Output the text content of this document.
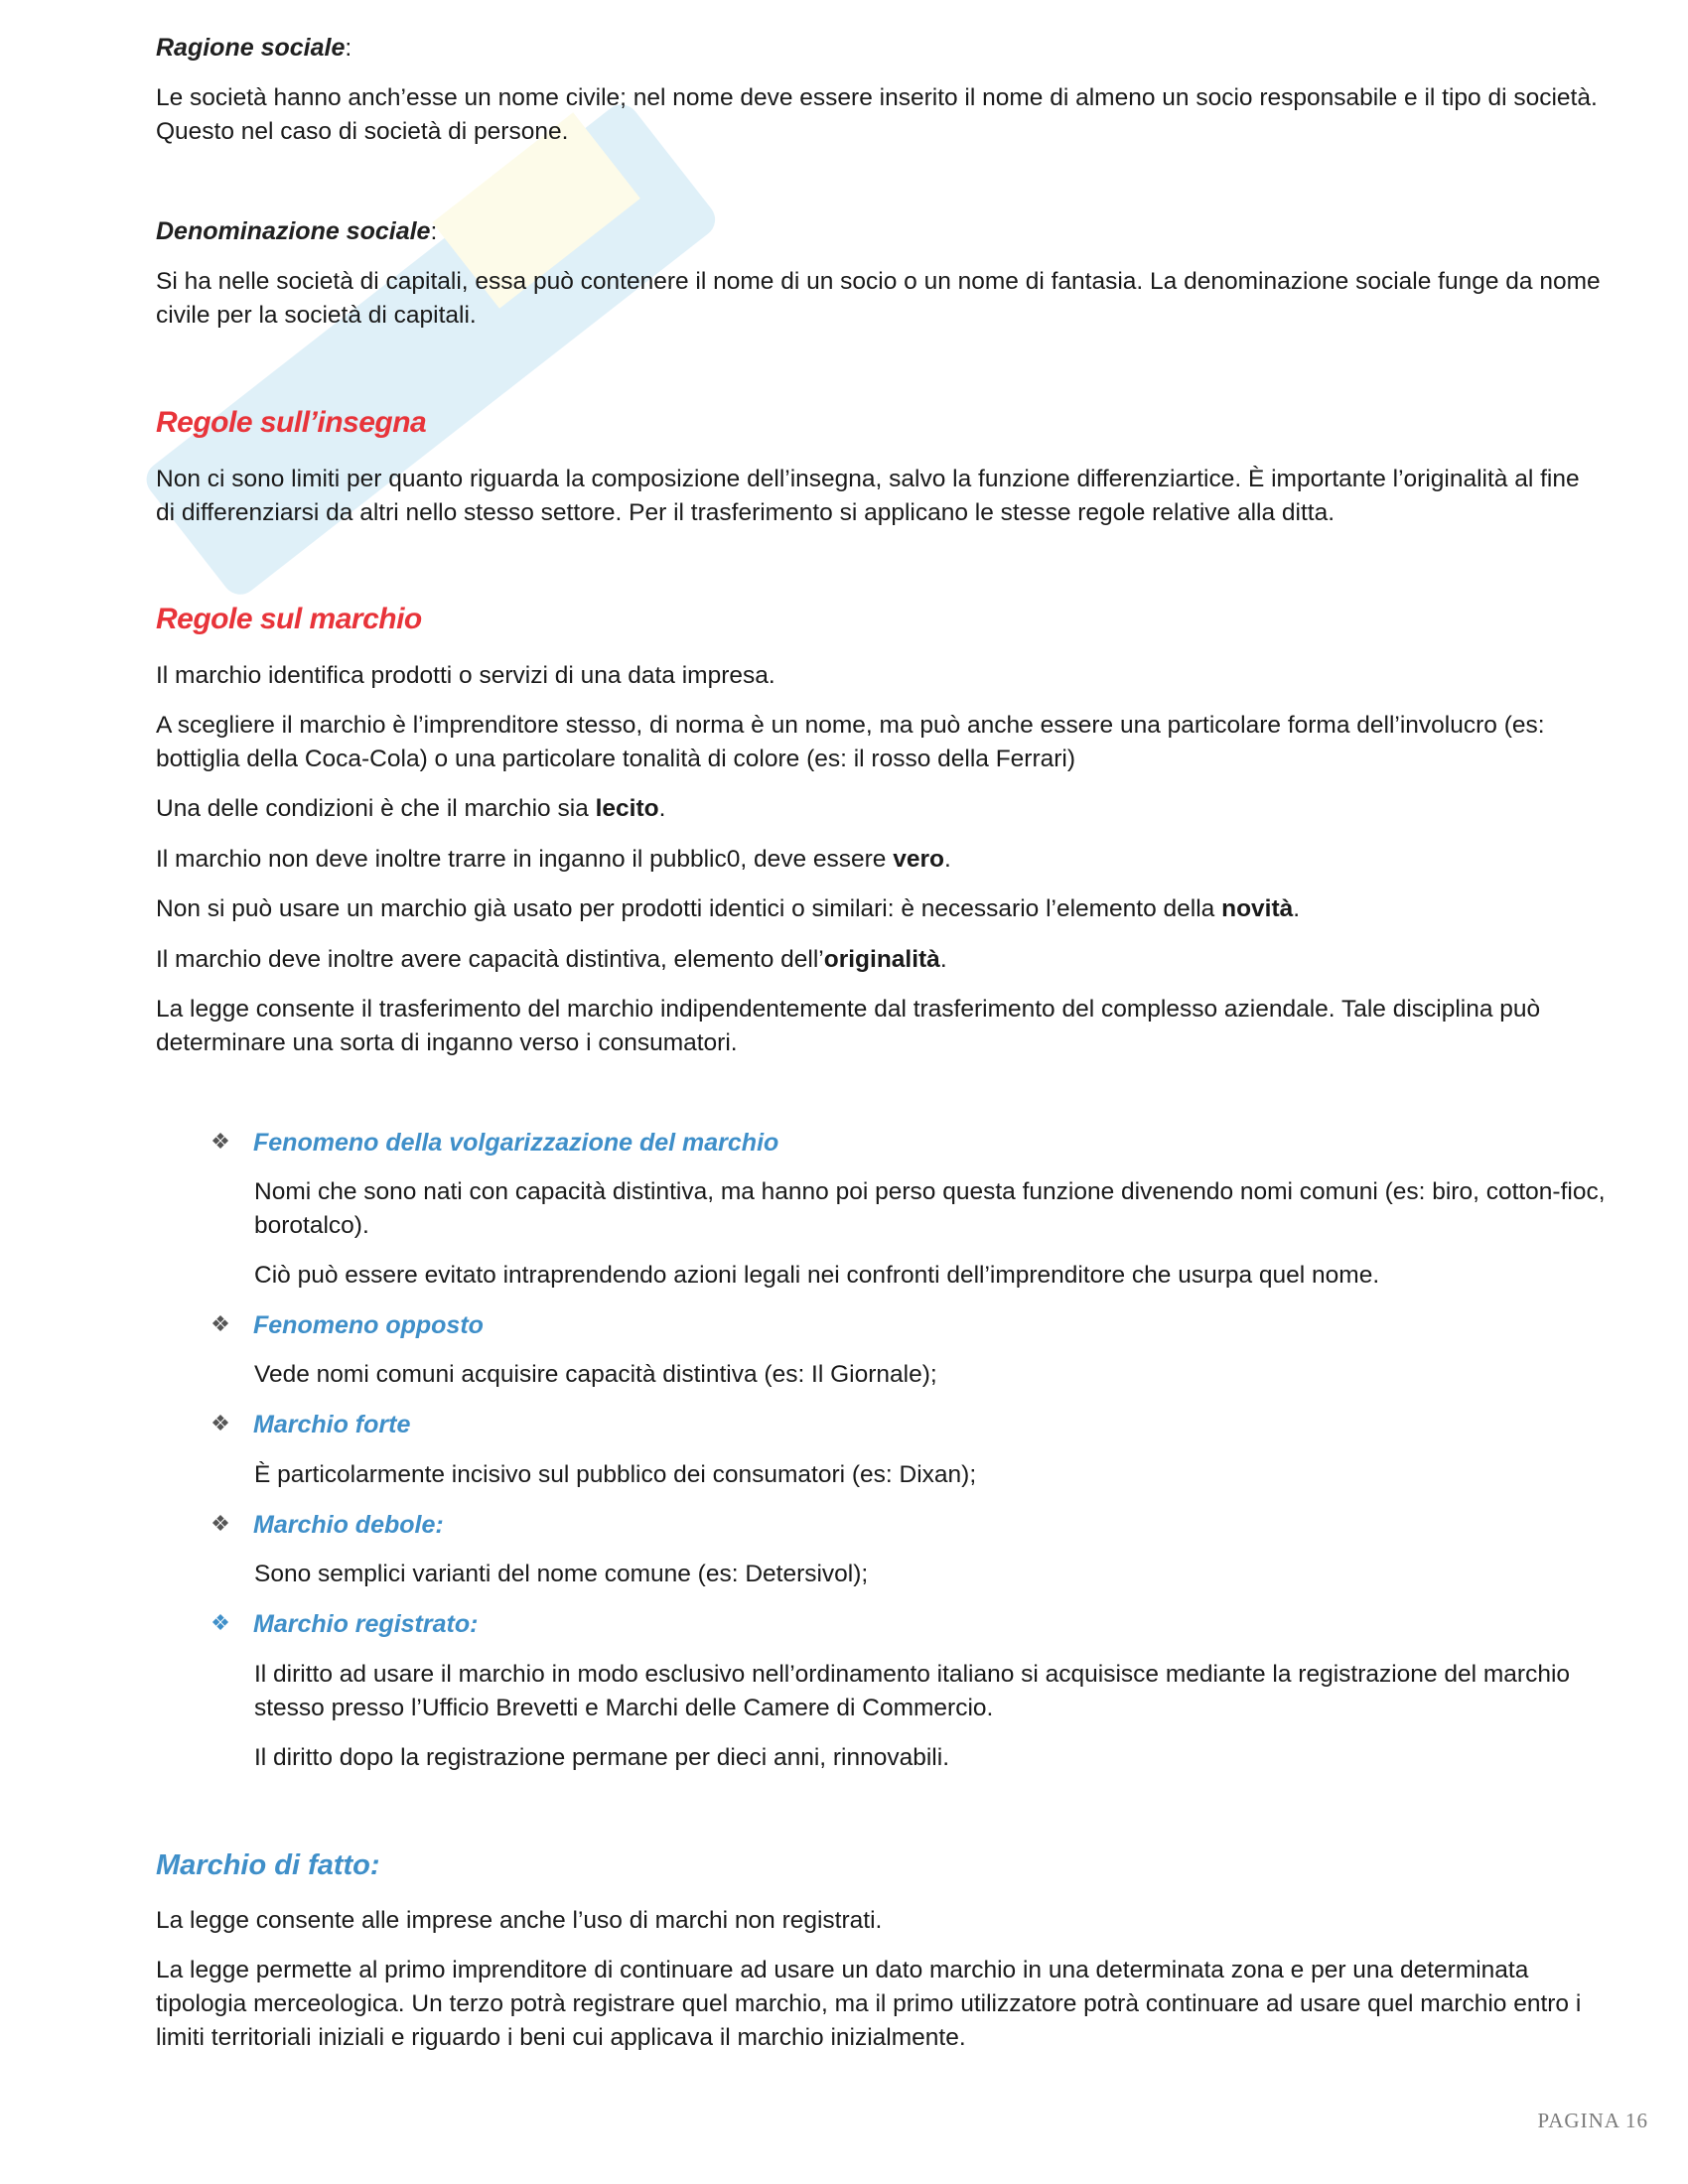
Ragione sociale:

Le società hanno anch’esse un nome civile; nel nome deve essere inserito il nome di almeno un socio responsabile e il tipo di società.
Questo nel caso di società di persone.

Denominazione sociale:

Si ha nelle società di capitali, essa può contenere il nome di un socio o un nome di fantasia. La denominazione sociale funge da nome
civile per la società di capitali.

Regole sull’insegna

Non ci sono limiti per quanto riguarda la composizione dell’insegna, salvo la funzione differenziartice. È importante l’originalità al fine
di differenziarsi da altri nello stesso settore. Per il trasferimento si applicano le stesse regole relative alla ditta.

Regole sul marchio

Il marchio identifica prodotti o servizi di una data impresa.

A scegliere il marchio è l’imprenditore stesso, di norma è un nome, ma può anche essere una particolare forma dell’involucro (es:
bottiglia della Coca-Cola) o una particolare tonalità di colore (es: il rosso della Ferrari)

Una delle condizioni è che il marchio sia lecito.

Il marchio non deve inoltre trarre in inganno il pubblic0, deve essere vero.

Non si può usare un marchio già usato per prodotti identici o similari: è necessario l’elemento della novità.

Il marchio deve inoltre avere capacità distintiva, elemento dell’originalità.

La legge consente il trasferimento del marchio indipendentemente dal trasferimento del complesso aziendale. Tale disciplina può
determinare una sorta di inganno verso i consumatori.

❖ Fenomeno della volgarizzazione del marchio

Nomi che sono nati con capacità distintiva, ma hanno poi perso questa funzione divenendo nomi comuni (es: biro, cotton-fioc,
borotalco).

Ciò può essere evitato intraprendendo azioni legali nei confronti dell’imprenditore che usurpa quel nome.

❖ Fenomeno opposto

Vede nomi comuni acquisire capacità distintiva (es: Il Giornale);

❖ Marchio forte

È particolarmente incisivo sul pubblico dei consumatori (es: Dixan);

❖ Marchio debole:

Sono semplici varianti del nome comune (es: Detersivol);

❖ Marchio registrato:

Il diritto ad usare il marchio in modo esclusivo nell’ordinamento italiano si acquisisce mediante la registrazione del marchio
stesso presso l’Ufficio Brevetti e Marchi delle Camere di Commercio.

Il diritto dopo la registrazione permane per dieci anni, rinnovabili.

Marchio di fatto:

La legge consente alle imprese anche l’uso di marchi non registrati.

La legge permette al primo imprenditore di continuare ad usare un dato marchio in una determinata zona e per una determinata
tipologia merceologica. Un terzo potrà registrare quel marchio, ma il primo utilizzatore potrà continuare ad usare quel marchio entro i
limiti territoriali iniziali e riguardo i beni cui applicava il marchio inizialmente.

PAGINA 16
